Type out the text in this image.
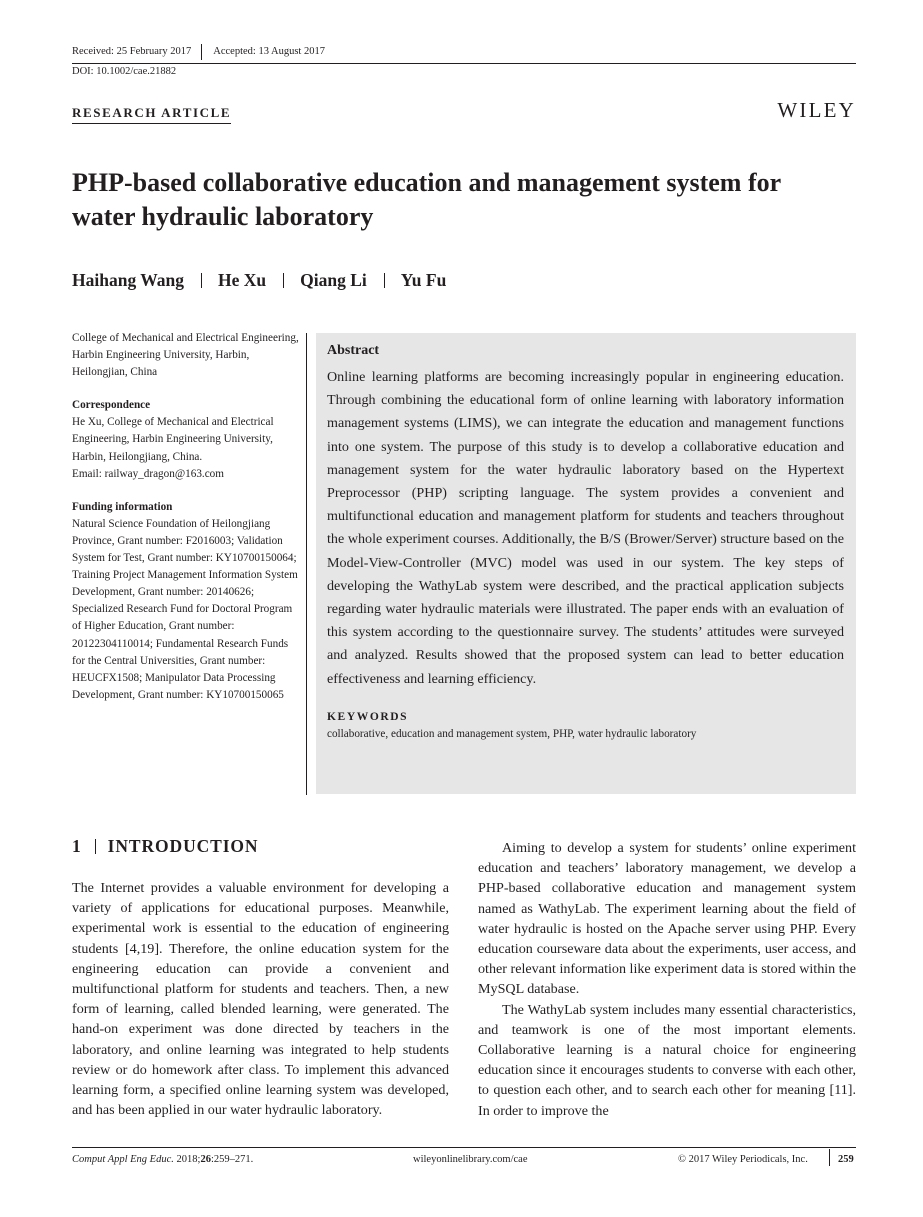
Received: 25 February 2017	Accepted: 13 August 2017
DOI: 10.1002/cae.21882
RESEARCH ARTICLE	WILEY
PHP-based collaborative education and management system for water hydraulic laboratory
Haihang Wang He Xu Qiang Li Yu Fu
College of Mechanical and Electrical Engineering, Harbin Engineering University, Harbin, Heilongjian, China
Correspondence
He Xu, College of Mechanical and Electrical Engineering, Harbin Engineering University, Harbin, Heilongjiang, China.
Email: railway_dragon@163.com
Funding information
Natural Science Foundation of Heilongjiang Province, Grant number: F2016003; Validation System for Test, Grant number: KY10700150064; Training Project Management Information System Development, Grant number: 20140626; Specialized Research Fund for Doctoral Program of Higher Education, Grant number: 20122304110014; Fundamental Research Funds for the Central Universities, Grant number: HEUCFX1508; Manipulator Data Processing Development, Grant number: KY10700150065
Abstract
Online learning platforms are becoming increasingly popular in engineering education. Through combining the educational form of online learning with laboratory information management systems (LIMS), we can integrate the education and management functions into one system. The purpose of this study is to develop a collaborative education and management system for the water hydraulic laboratory based on the Hypertext Preprocessor (PHP) scripting language. The system provides a convenient and multifunctional education and management platform for students and teachers throughout the whole experiment courses. Additionally, the B/S (Brower/Server) structure based on the Model-View-Controller (MVC) model was used in our system. The key steps of developing the WathyLab system were described, and the practical application subjects regarding water hydraulic materials were illustrated. The paper ends with an evaluation of this system according to the questionnaire survey. The students’ attitudes were surveyed and analyzed. Results showed that the proposed system can lead to better education effectiveness and learning efficiency.
KEYWORDS
collaborative, education and management system, PHP, water hydraulic laboratory
1 INTRODUCTION

The Internet provides a valuable environment for developing a variety of applications for educational purposes. Meanwhile, experimental work is essential to the education of engineering students [4,19]. Therefore, the online education system for the engineering education can provide a convenient and multifunctional platform for students and teachers. Then, a new form of learning, called blended learning, were generated. The hand-on experiment was done directed by teachers in the laboratory, and online learning was integrated to help students review or do homework after class. To implement this advanced learning form, a specified online learning system was developed, and has been applied in our water hydraulic laboratory.

Aiming to develop a system for students’ online experiment education and teachers’ laboratory management, we develop a PHP-based collaborative education and management system named as WathyLab. The experiment learning about the field of water hydraulic is hosted on the Apache server using PHP. Every education courseware data about the experiments, user access, and other relevant information like experiment data is stored within the MySQL database.

The WathyLab system includes many essential characteristics, and teamwork is one of the most important elements. Collaborative learning is a natural choice for engineering education since it encourages students to converse with each other, to question each other, and to search each other for meaning [11]. In order to improve the

Comput Appl Eng Educ. 2018;26:259–271.	wileyonlinelibrary.com/cae	© 2017 Wiley Periodicals, Inc.	259
